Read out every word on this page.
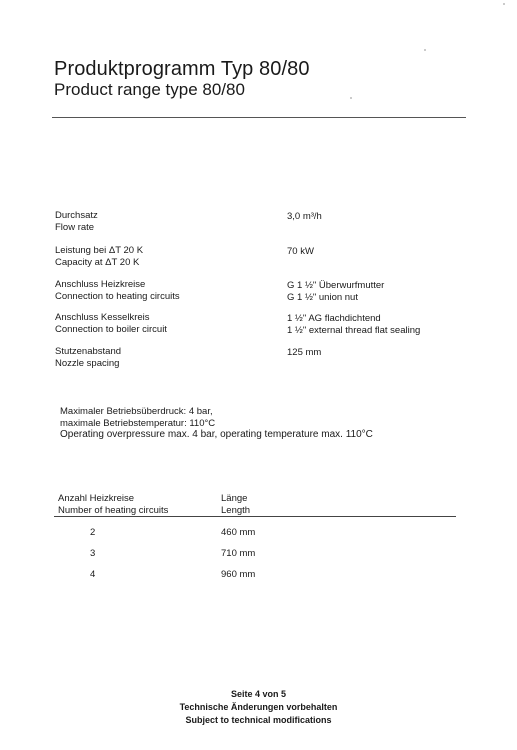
Produktprogramm Typ 80/80
Product range type 80/80
Durchsatz
Flow rate
3,0 m³/h
Leistung bei ΔT 20 K
Capacity at ΔT 20 K
70 kW
Anschluss Heizkreise
Connection to heating circuits
G 1 ½" Überwurfmutter
G 1 ½" union nut
Anschluss Kesselkreis
Connection to boiler circuit
1 ½" AG flachdichtend
1 ½" external thread flat sealing
Stutzenabstand
Nozzle spacing
125 mm
Maximaler Betriebsüberdruck: 4 bar,
maximale Betriebstemperatur: 110°C
Operating overpressure max. 4 bar, operating temperature max. 110°C
Anzahl Heizkreise
Number of heating circuits
Länge
Length
2	460 mm
3	710 mm
4	960 mm
Seite 4 von 5
Technische Änderungen vorbehalten
Subject to technical modifications
